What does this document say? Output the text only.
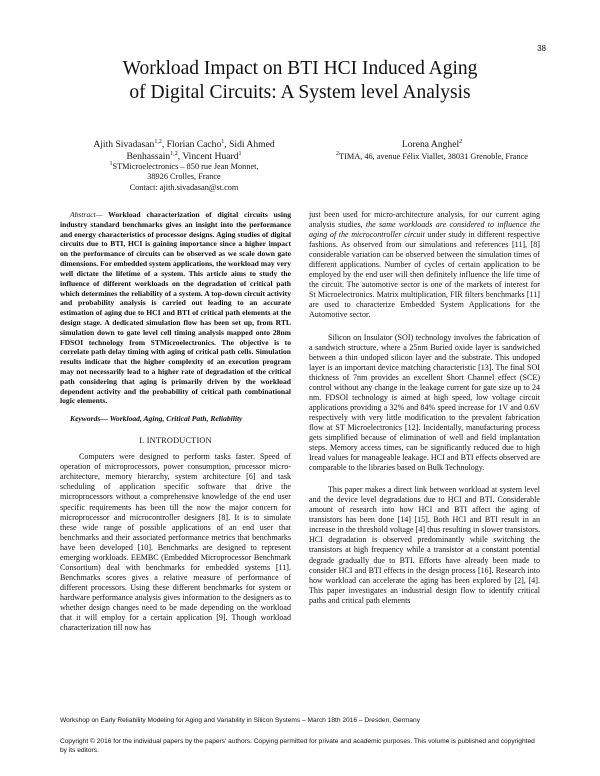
38
Workload Impact on BTI HCI Induced Aging
of Digital Circuits: A System level Analysis
Ajith Sivadasan$^{1,2}$, Florian Cacho$^1$, Sidi Ahmed
Benhassain$^{1,2}$, Vincent Huard$^1$
$^1$STMicroelectronics – 850 rue Jean Monnet,
38926 Crolles, France
Contact: ajith.sivadasan@st.com
Lorena Anghel$^2$
$^2$TIMA, 46, avenue Félix Viallet, 38031 Grenoble, France

Abstract— Workload characterization of digital circuits using industry standard benchmarks gives an insight into the performance and energy characteristics of processor designs. Aging studies of digital circuits due to BTI, HCI is gaining importance since a higher impact on the performance of circuits can be observed as we scale down gate dimensions. For embedded system applications, the workload may very well dictate the lifetime of a system. This article aims to study the influence of different workloads on the degradation of critical path which determines the reliability of a system. A top-down circuit activity and probability analysis is carried out leading to an accurate estimation of aging due to HCI and BTI of critical path elements at the design stage. A dedicated simulation flow has been set up, from RTL simulation down to gate level cell timing analysis mapped onto 28nm FDSOI technology from STMicroelectronics. The objective is to correlate path delay timing with aging of critical path cells. Simulation results indicate that the higher complexity of an execution program may not necessarily lead to a higher rate of degradation of the critical path considering that aging is primarily driven by the workload dependent activity and the probability of critical path combinational logic elements.

Keywords— Workload, Aging, Critical Path, Reliability

I. INTRODUCTION

Computers were designed to perform tasks faster. Speed of operation of microprocessors, power consumption, processor micro-architecture, memory hierarchy, system architecture [6] and task scheduling of application specific software that drive the microprocessors without a comprehensive knowledge of the end user specific requirements has been till the now the major concern for microprocessor and microcontroller designers [8]. It is to simulate these wide range of possible applications of an end user that benchmarks and their associated performance metrics that benchmarks have been developed [10]. Benchmarks are designed to represent emerging workloads. EEMBC (Embedded Microprocessor Benchmark Consortium) deal with benchmarks for embedded systems [11]. Benchmarks scores gives a relative measure of performance of different processors. Using these different benchmarks for system or hardware performance analysis gives information to the designers as to whether design changes need to be made depending on the workload that it will employ for a certain application [9]. Though workload characterization till now has

just been used for micro-architecture analysis, for our current aging analysis studies, the same workloads are considered to influence the aging of the microcontroller circuit under study in different respective fashions. As observed from our simulations and references [11], [8] considerable variation can be observed between the simulation times of different applications. Number of cycles of certain application to be employed by the end user will then definitely influence the life time of the circuit. The automotive sector is one of the markets of interest for St Microelectronics. Matrix multiplication, FIR filters benchmarks [11] are used to characterize Embedded System Applications for the Automotive sector.

Silicon on Insulator (SOI) technology involves the fabrication of a sandwich structure, where a 25nm Buried oxide layer is sandwiched between a thin undoped silicon layer and the substrate. This undoped layer is an important device matching characteristic [13]. The final SOI thickness of 7nm provides an excellent Short Channel effect (SCE) control without any change in the leakage current for gate size up to 24 nm. FDSOI technology is aimed at high speed, low voltage circuit applications providing a 32% and 84% speed increase for 1V and 0.6V respectively with very little modification to the prevalent fabrication flow at ST Microelectronics [12]. Incidentally, manufacturing process gets simplified because of elimination of well and field implantation steps. Memory access times, can be significantly reduced due to high Iread values for manageable leakage. HCI and BTI effects observed are comparable to the libraries based on Bulk Technology.

This paper makes a direct link between workload at system level and the device level degradations due to HCI and BTI. Considerable amount of research into how HCI and BTI affect the aging of transistors has been done [14] [15]. Both HCI and BTI result in an increase in the threshold voltage [4] thus resulting in slower transistors. HCI degradation is observed predominantly while switching the transistors at high frequency while a transistor at a constant potential degrade gradually due to BTI. Efforts have already been made to consider HCI and BTI effects in the design process [16]. Research into how workload can accelerate the aging has been explored by [2], [4]. This paper investigates an industrial design flow to identify critical paths and critical path elements

Workshop on Early Reliability Modeling for Aging and Variability in Silicon Systems – March 18th 2016 – Dresden, Germany
Copyright © 2016 for the individual papers by the papers' authors. Copying permitted for private and academic purposes. This volume is published and copyrighted by its editors.
